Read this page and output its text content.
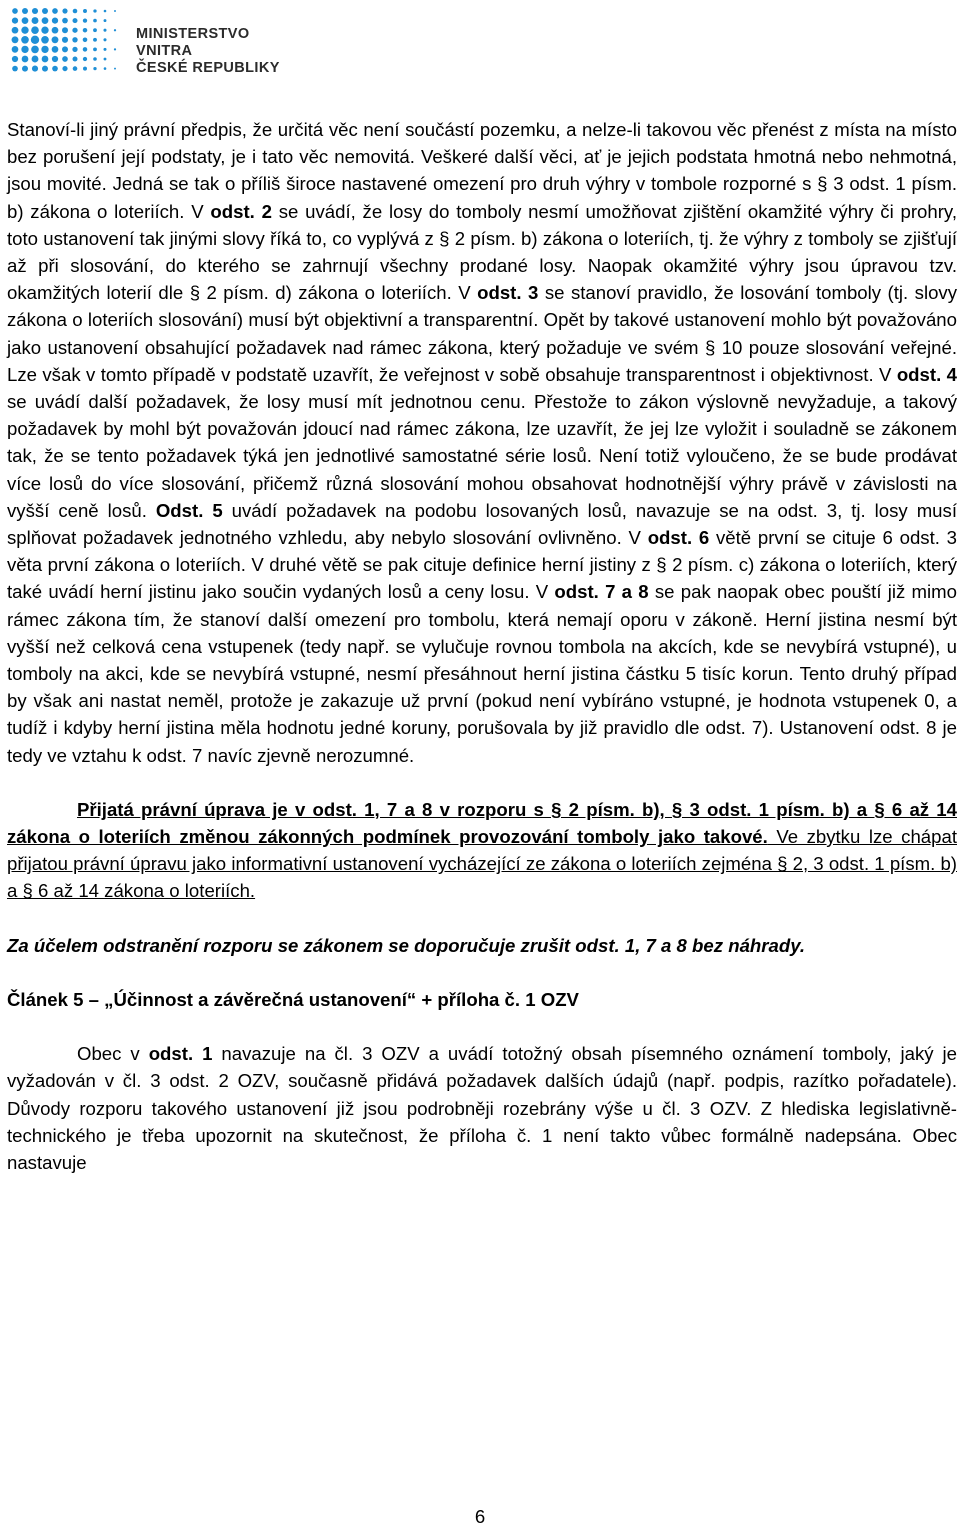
MINISTERSTVO VNITRA
ČESKÉ REPUBLIKY

Stanoví-li jiný právní předpis, že určitá věc není součástí pozemku, a nelze-li takovou věc přenést z místa na místo bez porušení její podstaty, je i tato věc nemovitá. Veškeré další věci, ať je jejich podstata hmotná nebo nehmotná, jsou movité. Jedná se tak o příliš široce nastavené omezení pro druh výhry v tombole rozporné s § 3 odst. 1 písm. b) zákona o loteriích. V odst. 2 se uvádí, že losy do tomboly nesmí umožňovat zjištění okamžité výhry či prohry, toto ustanovení tak jinými slovy říká to, co vyplývá z § 2 písm. b) zákona o loteriích, tj. že výhry z tomboly se zjišťují až při slosování, do kterého se zahrnují všechny prodané losy. Naopak okamžité výhry jsou úpravou tzv. okamžitých loterií dle § 2 písm. d) zákona o loteriích. V odst. 3 se stanoví pravidlo, že losování tomboly (tj. slovy zákona o loteriích slosování) musí být objektivní a transparentní. Opět by takové ustanovení mohlo být považováno jako ustanovení obsahující požadavek nad rámec zákona, který požaduje ve svém § 10 pouze slosování veřejné. Lze však v tomto případě v podstatě uzavřít, že veřejnost v sobě obsahuje transparentnost i objektivnost. V odst. 4 se uvádí další požadavek, že losy musí mít jednotnou cenu. Přestože to zákon výslovně nevyžaduje, a takový požadavek by mohl být považován jdoucí nad rámec zákona, lze uzavřít, že jej lze vyložit i souladně se zákonem tak, že se tento požadavek týká jen jednotlivé samostatné série losů. Není totiž vyloučeno, že se bude prodávat více losů do více slosování, přičemž různá slosování mohou obsahovat hodnotnější výhry právě v závislosti na vyšší ceně losů. Odst. 5 uvádí požadavek na podobu losovaných losů, navazuje se na odst. 3, tj. losy musí splňovat požadavek jednotného vzhledu, aby nebylo slosování ovlivněno. V odst. 6 větě první se cituje 6 odst. 3 věta první zákona o loteriích. V druhé větě se pak cituje definice herní jistiny z § 2 písm. c) zákona o loteriích, který také uvádí herní jistinu jako součin vydaných losů a ceny losu. V odst. 7 a 8 se pak naopak obec pouští již mimo rámec zákona tím, že stanoví další omezení pro tombolu, která nemají oporu v zákoně. Herní jistina nesmí být vyšší než celková cena vstupenek (tedy např. se vylučuje rovnou tombola na akcích, kde se nevybírá vstupné), u tomboly na akci, kde se nevybírá vstupné, nesmí přesáhnout herní jistina částku 5 tisíc korun. Tento druhý případ by však ani nastat neměl, protože je zakazuje už první (pokud není vybíráno vstupné, je hodnota vstupenek 0, a tudíž i kdyby herní jistina měla hodnotu jedné koruny, porušovala by již pravidlo dle odst. 7). Ustanovení odst. 8 je tedy ve vztahu k odst. 7 navíc zjevně nerozumné.

Přijatá právní úprava je v odst. 1, 7 a 8 v rozporu s § 2 písm. b), § 3 odst. 1 písm. b) a § 6 až 14 zákona o loteriích změnou zákonných podmínek provozování tomboly jako takové. Ve zbytku lze chápat přijatou právní úpravu jako informativní ustanovení vycházející ze zákona o loteriích zejména § 2, 3 odst. 1 písm. b) a § 6 až 14 zákona o loteriích.

Za účelem odstranění rozporu se zákonem se doporučuje zrušit odst. 1, 7 a 8 bez náhrady.

Článek 5 – „Účinnost a závěrečná ustanovení“ + příloha č. 1 OZV

Obec v odst. 1 navazuje na čl. 3 OZV a uvádí totožný obsah písemného oznámení tomboly, jaký je vyžadován v čl. 3 odst. 2 OZV, současně přidává požadavek dalších údajů (např. podpis, razítko pořadatele). Důvody rozporu takového ustanovení již jsou podrobněji rozebrány výše u čl. 3 OZV. Z hlediska legislativně-technického je třeba upozornit na skutečnost, že příloha č. 1 není takto vůbec formálně nadepsána. Obec nastavuje

6
